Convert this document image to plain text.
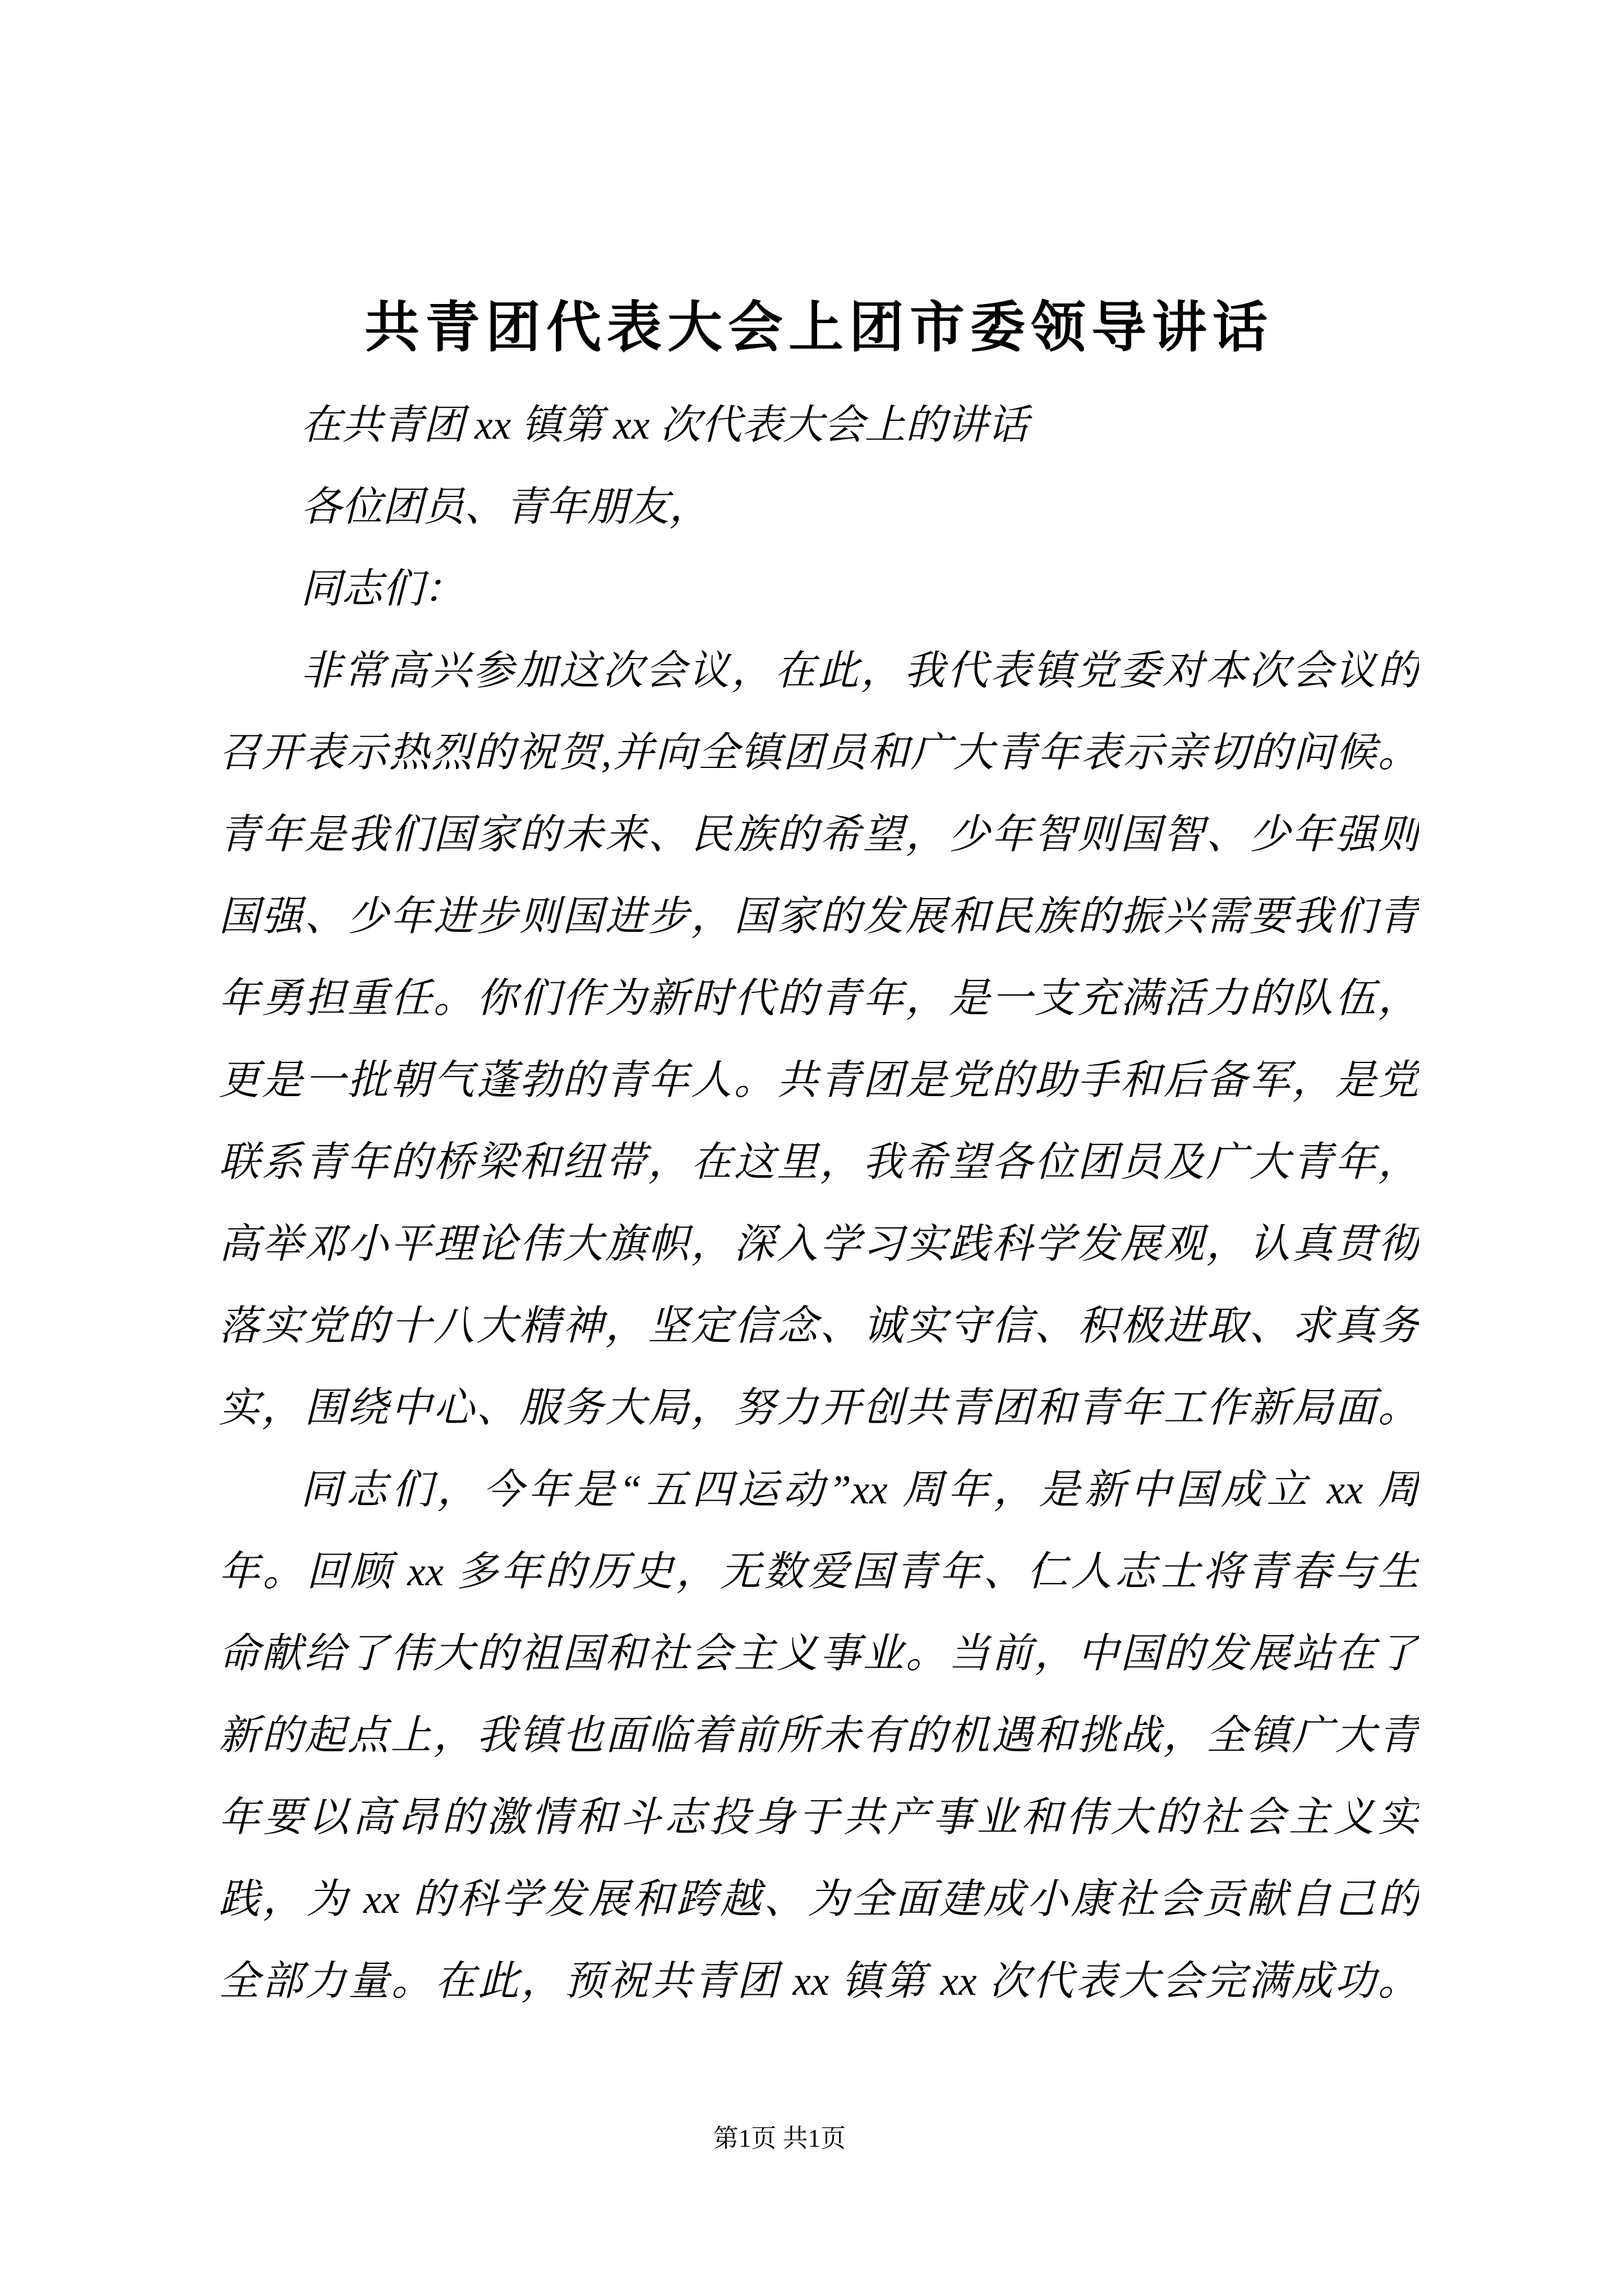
共青团代表大会上团市委领导讲话
在共青团 xx 镇第 xx 次代表大会上的讲话
各位团员、青年朋友，
同志们：
非常高兴参加这次会议，在此，我代表镇党委对本次会议的
召开表示热烈的祝贺,并向全镇团员和广大青年表示亲切的问候。
青年是我们国家的未来、民族的希望，少年智则国智、少年强则
国强、少年进步则国进步，国家的发展和民族的振兴需要我们青
年勇担重任。你们作为新时代的青年，是一支充满活力的队伍，
更是一批朝气蓬勃的青年人。共青团是党的助手和后备军，是党
联系青年的桥梁和纽带，在这里，我希望各位团员及广大青年，
高举邓小平理论伟大旗帜，深入学习实践科学发展观，认真贯彻
落实党的十八大精神，坚定信念、诚实守信、积极进取、求真务
实，围绕中心、服务大局，努力开创共青团和青年工作新局面。
同志们，今年是“五四运动”xx 周年，是新中国成立 xx 周
年。回顾 xx 多年的历史，无数爱国青年、仁人志士将青春与生
命献给了伟大的祖国和社会主义事业。当前，中国的发展站在了
新的起点上，我镇也面临着前所未有的机遇和挑战，全镇广大青
年要以高昂的激情和斗志投身于共产事业和伟大的社会主义实
践，为 xx 的科学发展和跨越、为全面建成小康社会贡献自己的
全部力量。在此，预祝共青团 xx 镇第 xx 次代表大会完满成功。
第1页 共1页
